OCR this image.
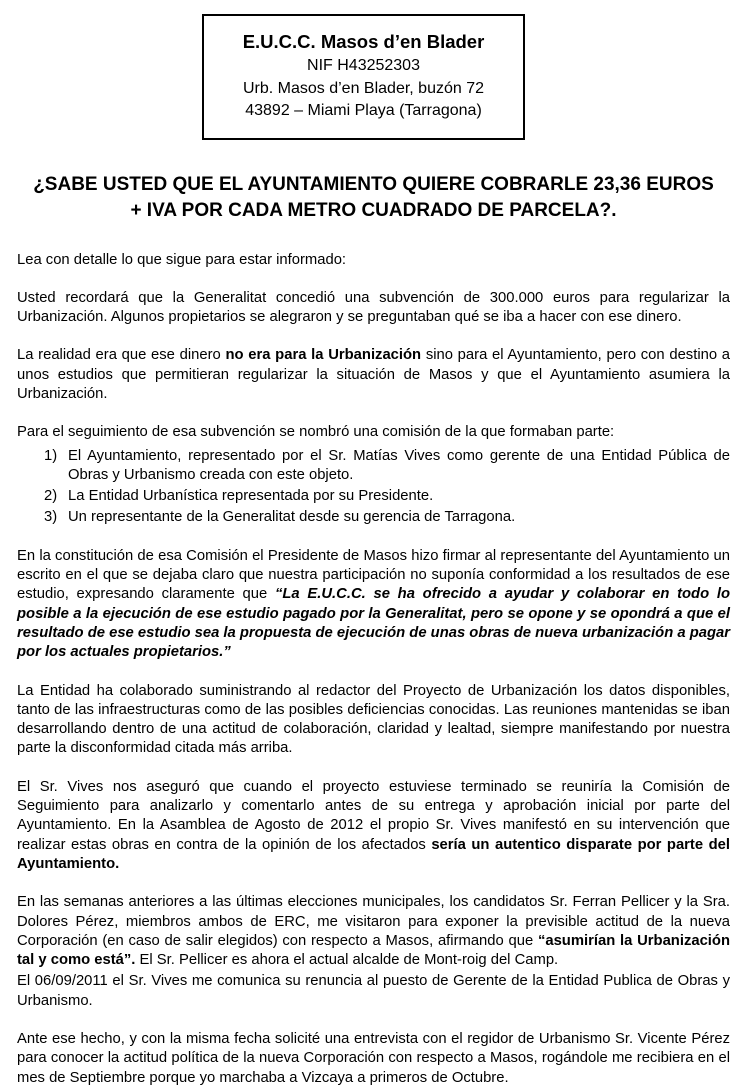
E.U.C.C. Masos d’en Blader
NIF H43252303
Urb. Masos d’en Blader, buzón 72
43892 – Miami Playa (Tarragona)
¿SABE USTED QUE EL AYUNTAMIENTO QUIERE COBRARLE 23,36 EUROS
+ IVA POR CADA METRO CUADRADO DE PARCELA?.

Lea con detalle lo que sigue para estar informado:

Usted recordará que la Generalitat concedió una subvención de 300.000 euros para regularizar la Urbanización. Algunos propietarios se alegraron y se preguntaban qué se iba a hacer con ese dinero.

La realidad era que ese dinero no era para la Urbanización sino para el Ayuntamiento, pero con destino a unos estudios que permitieran regularizar la situación de Masos y que el Ayuntamiento asumiera la Urbanización.

Para el seguimiento de esa subvención se nombró una comisión de la que formaban parte:

1) El Ayuntamiento, representado por el Sr. Matías Vives como gerente de una Entidad Pública de Obras y Urbanismo creada con este objeto.
2) La Entidad Urbanística representada por su Presidente.
3) Un representante de la Generalitat desde su gerencia de Tarragona.

En la constitución de esa Comisión el Presidente de Masos hizo firmar al representante del Ayuntamiento un escrito en el que se dejaba claro que nuestra participación no suponía conformidad a los resultados de ese estudio, expresando claramente que “La E.U.C.C. se ha ofrecido a ayudar y colaborar en todo lo posible a la ejecución de ese estudio pagado por la Generalitat, pero se opone y se opondrá a que el resultado de ese estudio sea la propuesta de ejecución de unas obras de nueva urbanización a pagar por los actuales propietarios.”

La Entidad ha colaborado suministrando al redactor del Proyecto de Urbanización los datos disponibles, tanto de las infraestructuras como de las posibles deficiencias conocidas. Las reuniones mantenidas se iban desarrollando dentro de una actitud de colaboración, claridad y lealtad, siempre manifestando por nuestra parte la disconformidad citada más arriba.

El Sr. Vives nos aseguró que cuando el proyecto estuviese terminado se reuniría la Comisión de Seguimiento para analizarlo y comentarlo antes de su entrega y aprobación inicial por parte del Ayuntamiento. En la Asamblea de Agosto de 2012 el propio Sr. Vives manifestó en su intervención que realizar estas obras en contra de la opinión de los afectados sería un autentico disparate por parte del Ayuntamiento.

En las semanas anteriores a las últimas elecciones municipales, los candidatos Sr. Ferran Pellicer y la Sra. Dolores Pérez, miembros ambos de ERC, me visitaron para exponer la previsible actitud de la nueva Corporación (en caso de salir elegidos) con respecto a Masos, afirmando que “asumirían la Urbanización tal y como está”. El Sr. Pellicer es ahora el actual alcalde de Mont-roig del Camp.

El 06/09/2011 el Sr. Vives me comunica su renuncia al puesto de Gerente de la Entidad Publica de Obras y Urbanismo.

Ante ese hecho, y con la misma fecha solicité una entrevista con el regidor de Urbanismo Sr. Vicente Pérez para conocer la actitud política de la nueva Corporación con respecto a Masos, rogándole me recibiera en el mes de Septiembre porque yo marchaba a Vizcaya a primeros de Octubre.
